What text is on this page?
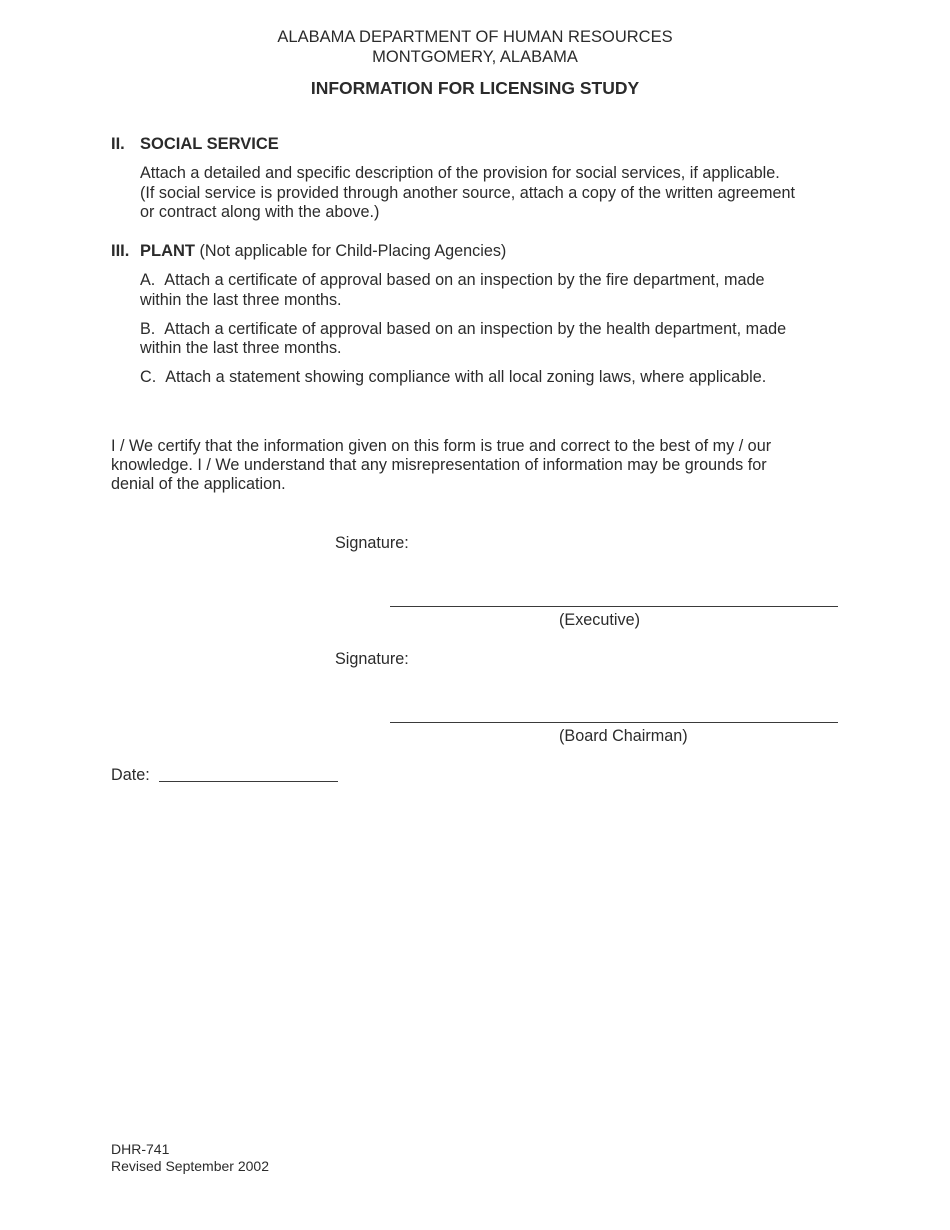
ALABAMA DEPARTMENT OF HUMAN RESOURCES
MONTGOMERY, ALABAMA
INFORMATION FOR LICENSING STUDY
II. SOCIAL SERVICE
Attach a detailed and specific description of the provision for social services, if applicable.
(If social service is provided through another source, attach a copy of the written agreement
or contract along with the above.)
III. PLANT (Not applicable for Child-Placing Agencies)
A. Attach a certificate of approval based on an inspection by the fire department, made
within the last three months.
B. Attach a certificate of approval based on an inspection by the health department, made
within the last three months.
C. Attach a statement showing compliance with all local zoning laws, where applicable.
I / We certify that the information given on this form is true and correct to the best of my / our
knowledge. I / We understand that any misrepresentation of information may be grounds for
denial of the application.
Signature:
(Executive)
Signature:
(Board Chairman)
Date:
DHR-741
Revised September 2002
